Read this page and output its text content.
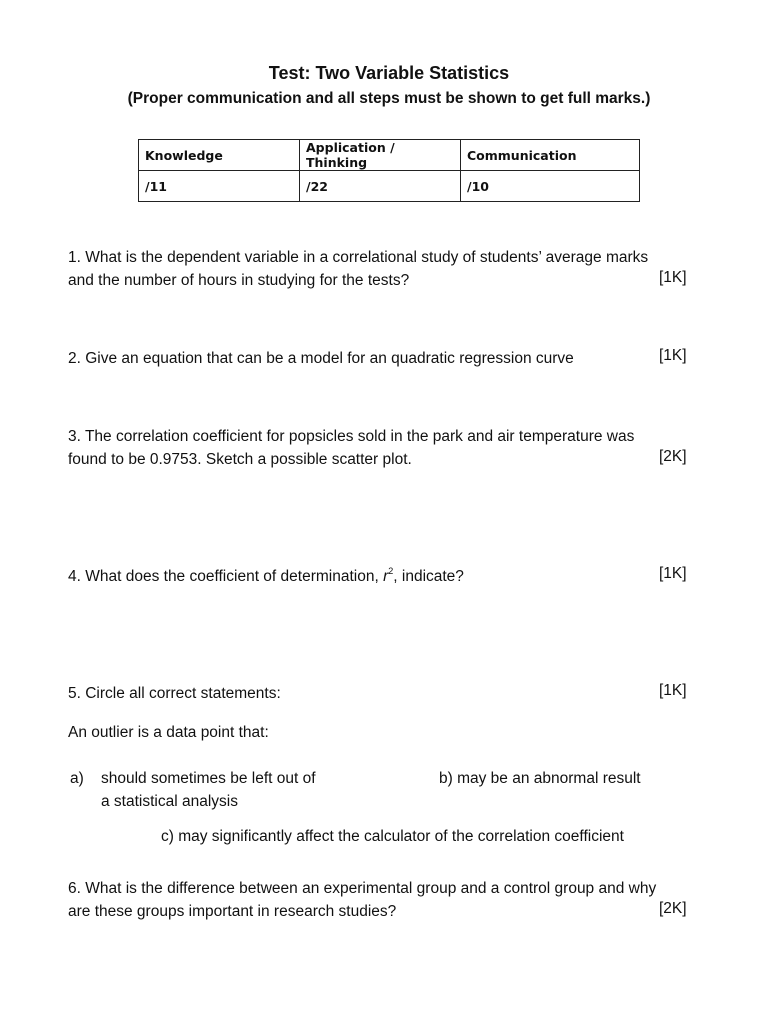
Test: Two Variable Statistics
(Proper communication and all steps must be shown to get full marks.)
Knowledge	Application / Thinking	Communication
/11	/22	/10
1. What is the dependent variable in a correlational study of students’ average marks
and the number of hours in studying for the tests?	[1K]
2. Give an equation that can be a model for an quadratic regression curve	[1K]
3. The correlation coefficient for popsicles sold in the park and air temperature was
found to be 0.9753. Sketch a possible scatter plot.	[2K]
4. What does the coefficient of determination, $r^2$, indicate?	[1K]
5. Circle all correct statements:	[1K]
An outlier is a data point that:
a) should sometimes be left out of
a statistical analysis
b) may be an abnormal result
c) may significantly affect the calculator of the correlation coefficient
6. What is the difference between an experimental group and a control group and why
are these groups important in research studies?	[2K]
